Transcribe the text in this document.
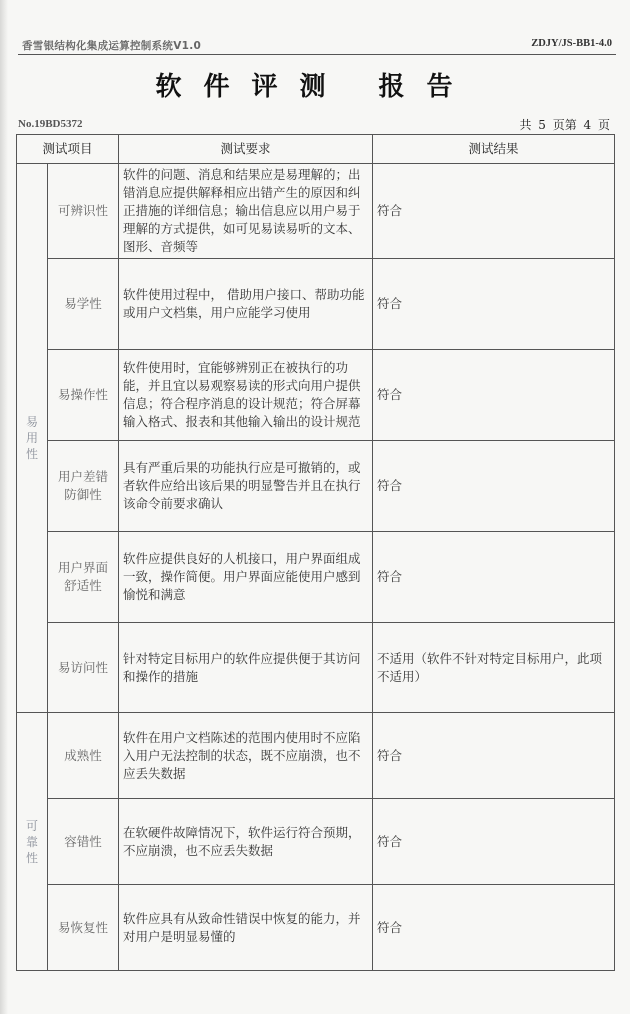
香雪银结构化集成运算控制系统V1.0	ZDJY/JS-BB1-4.0
软件评测 报告
No.19BD5372	共 5 页第 4 页
测试项目		测试要求	测试结果

易
用
性	可辨识性	软件的问题、消息和结果应是易理解的；出错消息应提供解释相应出错产生的原因和纠正措施的详细信息；输出信息应以用户易于理解的方式提供，如可见易读易听的文本、图形、音频等	符合
	易学性	软件使用过程中， 借助用户接口、帮助功能或用户文档集，用户应能学习使用	符合
	易操作性	软件使用时，宜能够辨别正在被执行的功能，并且宜以易观察易读的形式向用户提供信息；符合程序消息的设计规范；符合屏幕输入格式、报表和其他输入输出的设计规范	符合
	用户差错
防御性	具有严重后果的功能执行应是可撤销的，或者软件应给出该后果的明显警告并且在执行该命令前要求确认	符合
	用户界面
舒适性	软件应提供良好的人机接口，用户界面组成一致，操作简便。用户界面应能使用户感到愉悦和满意	符合
	易访问性	针对特定目标用户的软件应提供便于其访问和操作的措施	不适用（软件不针对特定目标用户，此项不适用）

可
靠
性	成熟性	软件在用户文档陈述的范围内使用时不应陷入用户无法控制的状态，既不应崩溃，也不应丢失数据	符合
	容错性	在软硬件故障情况下，软件运行符合预期，不应崩溃，也不应丢失数据	符合
	易恢复性	软件应具有从致命性错误中恢复的能力，并对用户是明显易懂的	符合
